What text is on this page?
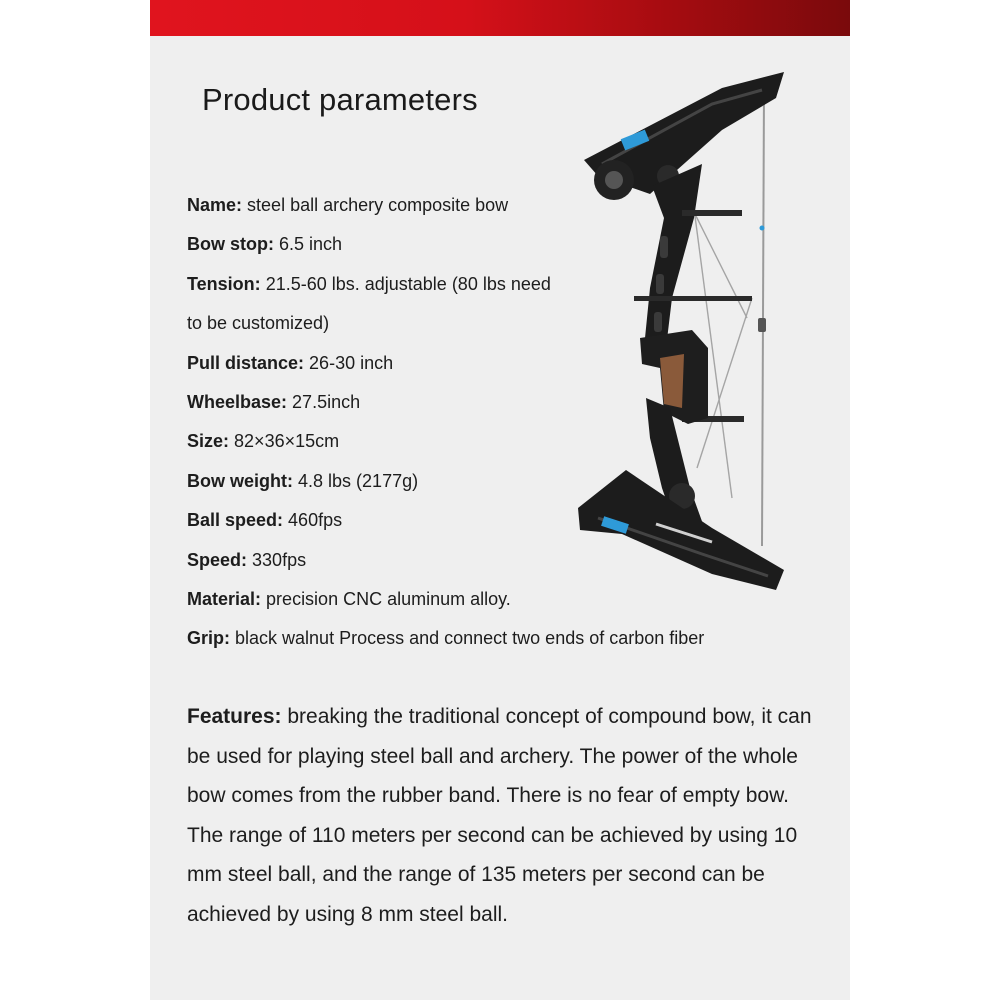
Product parameters
Name: steel ball archery composite bow
Bow stop: 6.5 inch
Tension: 21.5-60 lbs. adjustable (80 lbs need to be customized)
Pull distance: 26-30 inch
Wheelbase: 27.5inch
Size: 82×36×15cm
Bow weight: 4.8 lbs (2177g)
Ball speed: 460fps
Speed: 330fps
Material: precision CNC aluminum alloy.
Grip: black walnut Process and connect two ends of carbon fiber

Features: breaking the traditional concept of compound bow, it can be used for playing steel ball and archery. The power of the whole bow comes from the rubber band. There is no fear of empty bow. The range of 110 meters per second can be achieved by using 10 mm steel ball, and the range of 135 meters per second can be achieved by using 8 mm steel ball.
